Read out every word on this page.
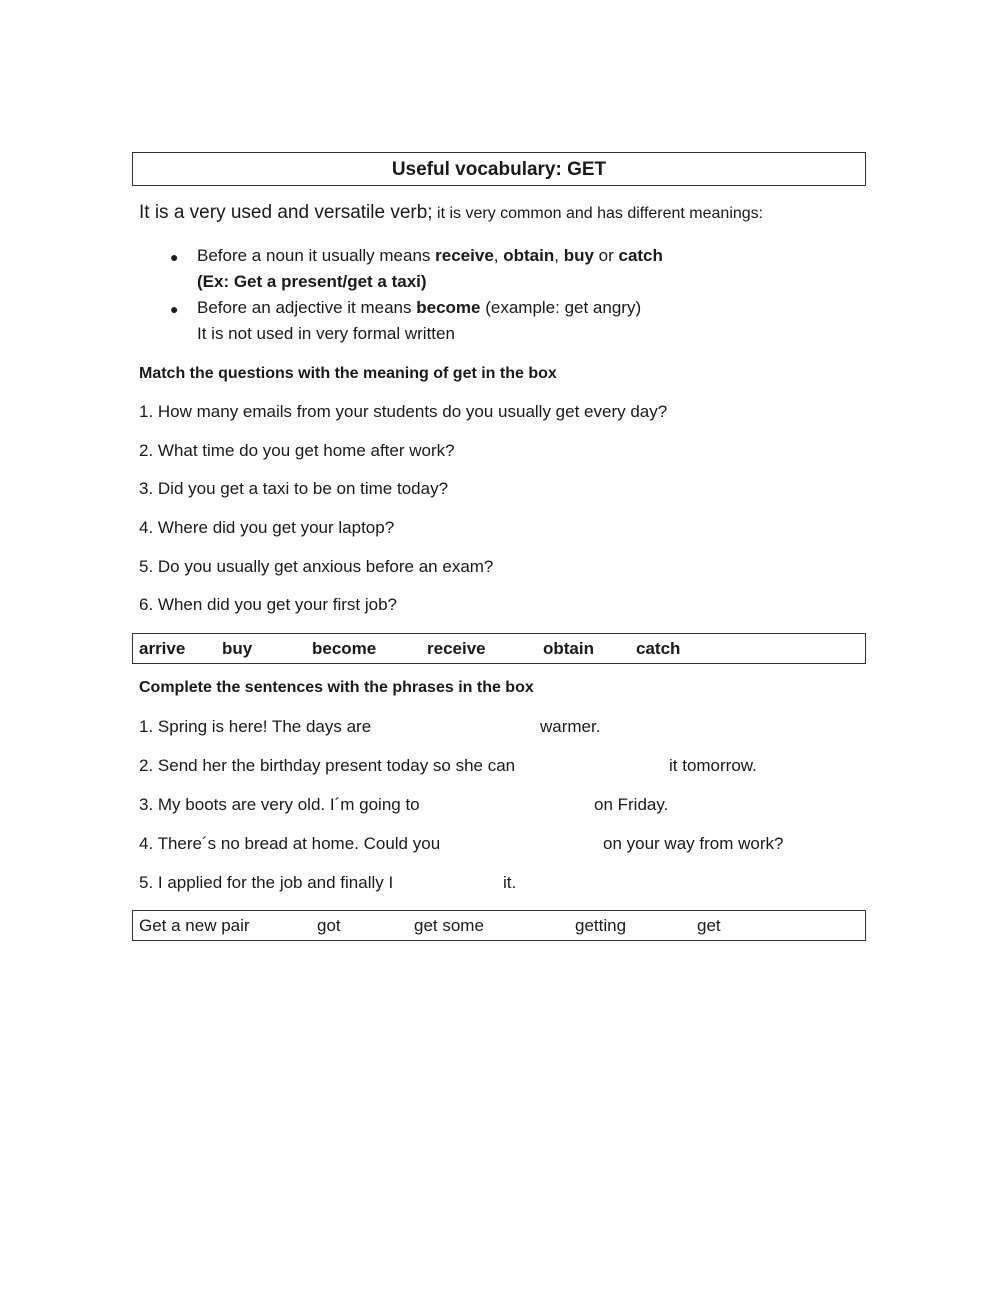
Useful vocabulary: GET
It is a very used and versatile verb; it is very common and has different meanings:
● Before a noun it usually means receive, obtain, buy or catch
(Ex: Get a present/get a taxi)
● Before an adjective it means become (example: get angry)
It is not used in very formal written
Match the questions with the meaning of get in the box
1. How many emails from your students do you usually get every day?
2. What time do you get home after work?
3. Did you get a taxi to be on time today?
4. Where did you get your laptop?
5. Do you usually get anxious before an exam?
6. When did you get your first job?
arrive buy	become	receive	obtain catch
Complete the sentences with the phrases in the box
1. Spring is here! The days are	warmer.
2. Send her the birthday present today so she can	it tomorrow.
3. My boots are very old. I´m going to	on Friday.
4. There´s no bread at home. Could you	on your way from work?
5. I applied for the job and finally I	it.
Get a new pair	got	get some	getting	get
